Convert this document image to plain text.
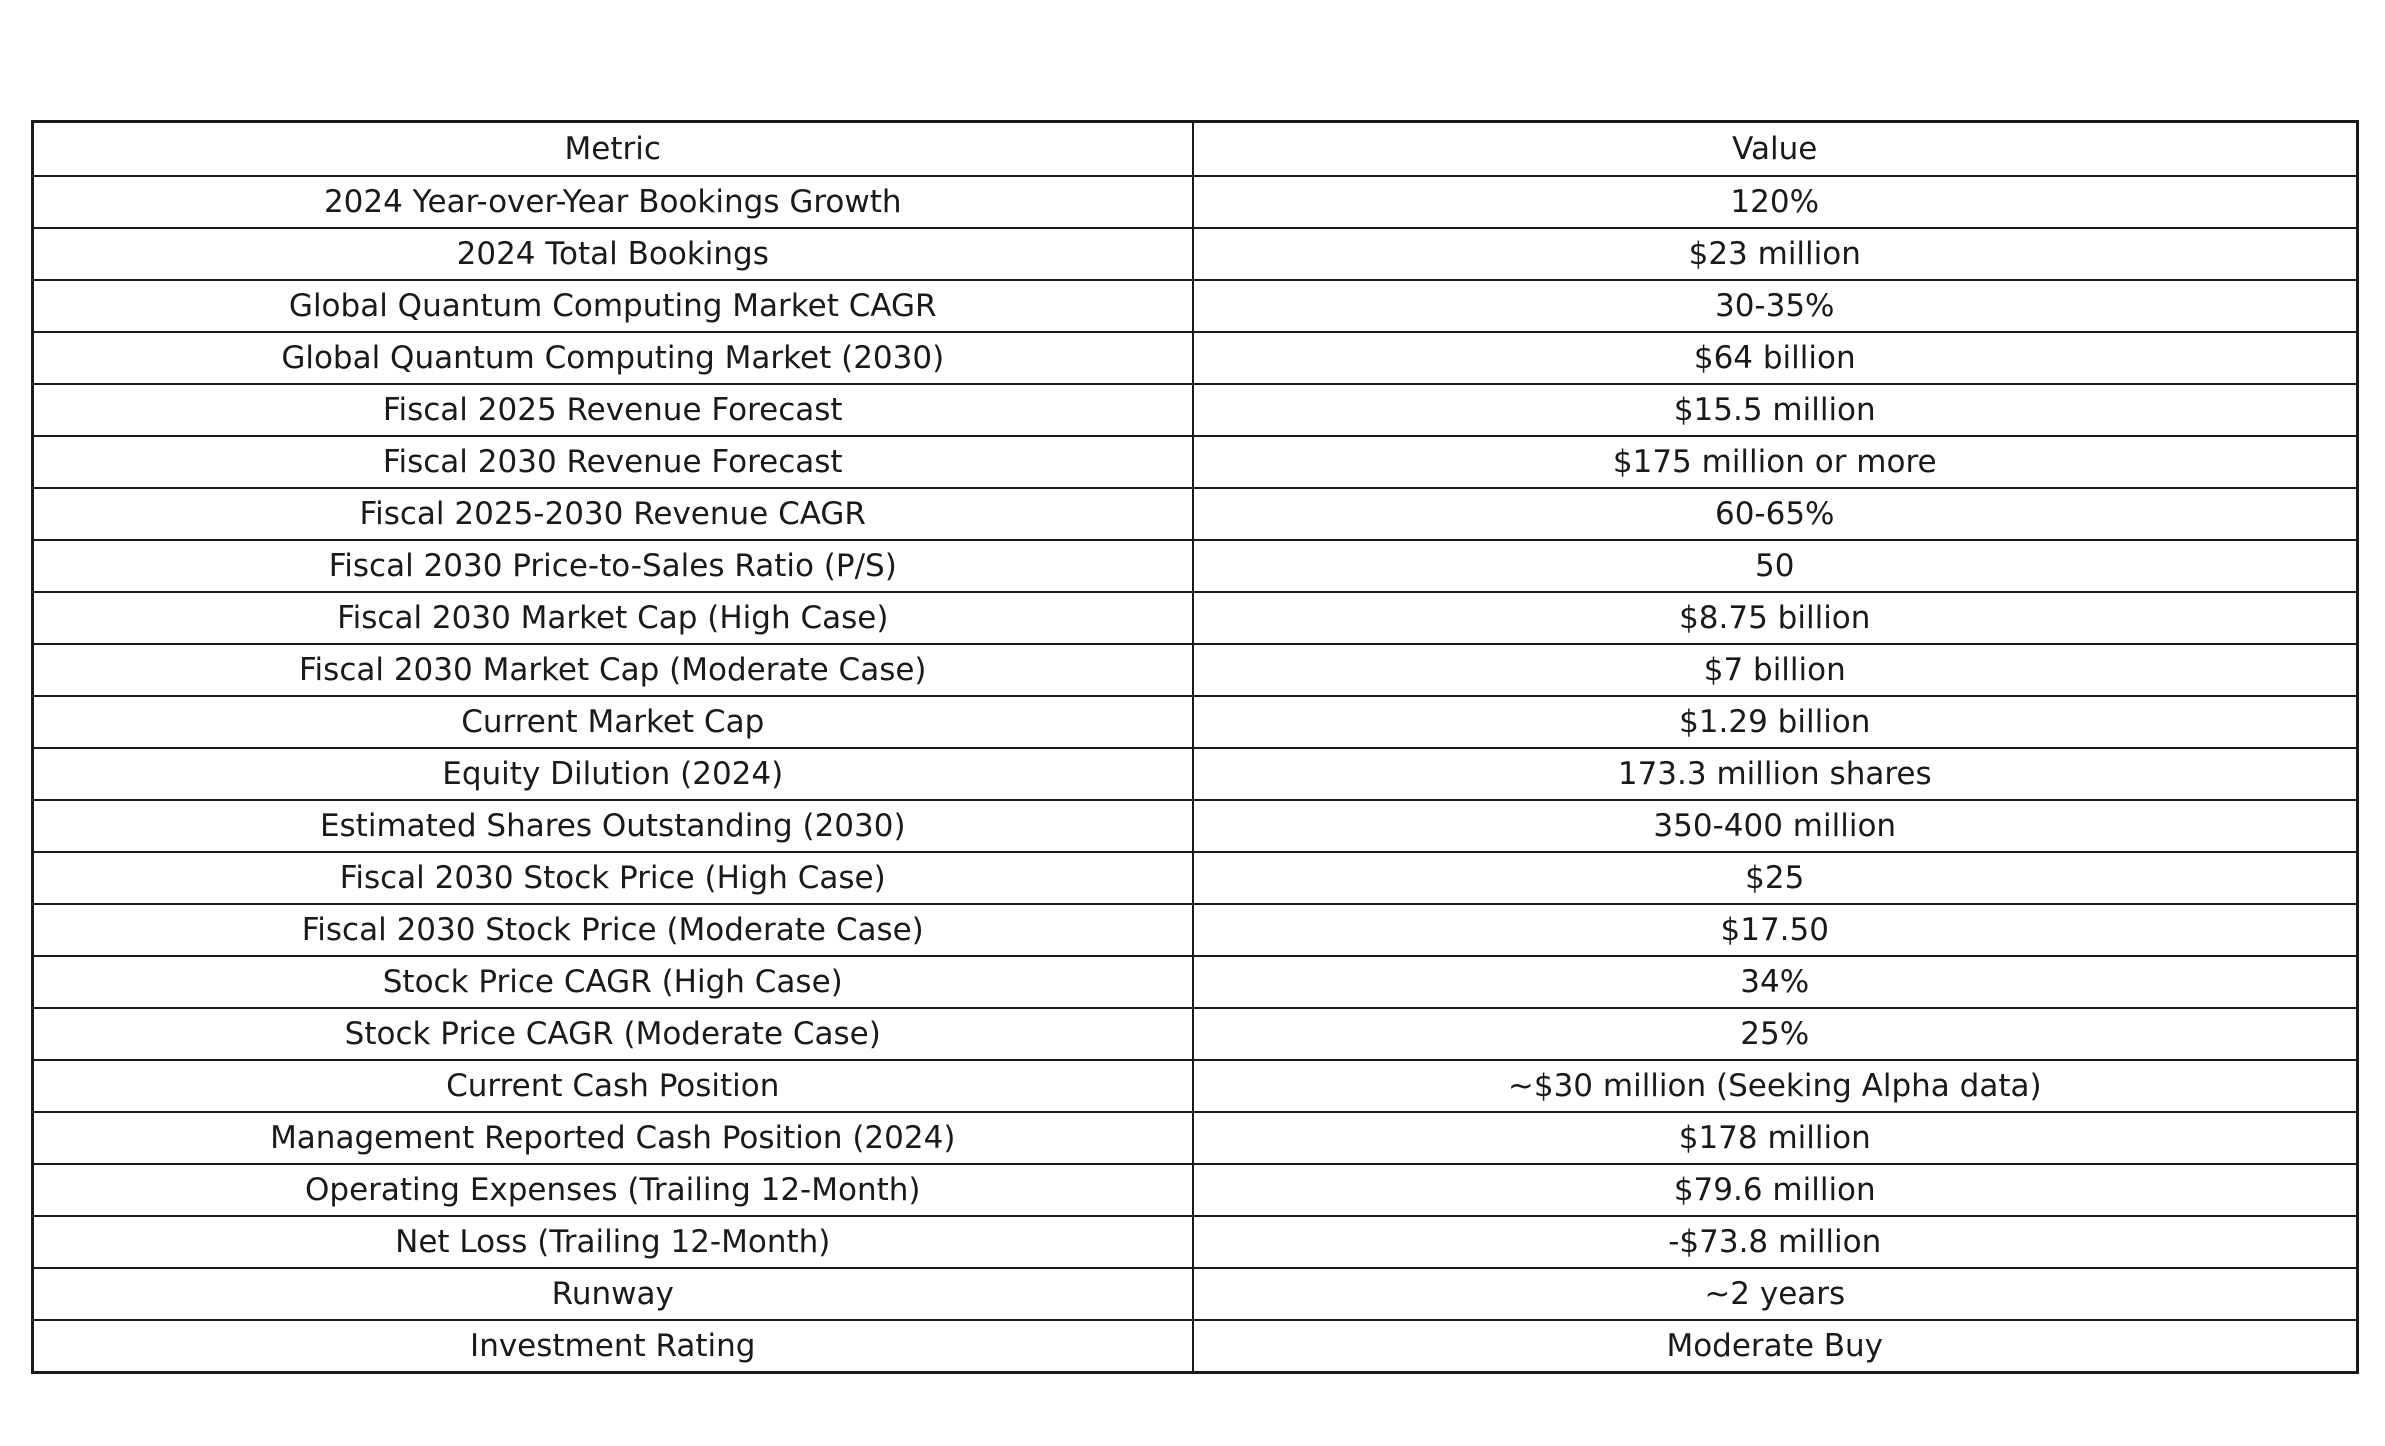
Metric	Value
2024 Year-over-Year Bookings Growth	120%
2024 Total Bookings	$23 million
Global Quantum Computing Market CAGR	30-35%
Global Quantum Computing Market (2030)	$64 billion
Fiscal 2025 Revenue Forecast	$15.5 million
Fiscal 2030 Revenue Forecast	$175 million or more
Fiscal 2025-2030 Revenue CAGR	60-65%
Fiscal 2030 Price-to-Sales Ratio (P/S)	50
Fiscal 2030 Market Cap (High Case)	$8.75 billion
Fiscal 2030 Market Cap (Moderate Case)	$7 billion
Current Market Cap	$1.29 billion
Equity Dilution (2024)	173.3 million shares
Estimated Shares Outstanding (2030)	350-400 million
Fiscal 2030 Stock Price (High Case)	$25
Fiscal 2030 Stock Price (Moderate Case)	$17.50
Stock Price CAGR (High Case)	34%
Stock Price CAGR (Moderate Case)	25%
Current Cash Position	~$30 million (Seeking Alpha data)
Management Reported Cash Position (2024)	$178 million
Operating Expenses (Trailing 12-Month)	$79.6 million
Net Loss (Trailing 12-Month)	-$73.8 million
Runway	~2 years
Investment Rating	Moderate Buy
